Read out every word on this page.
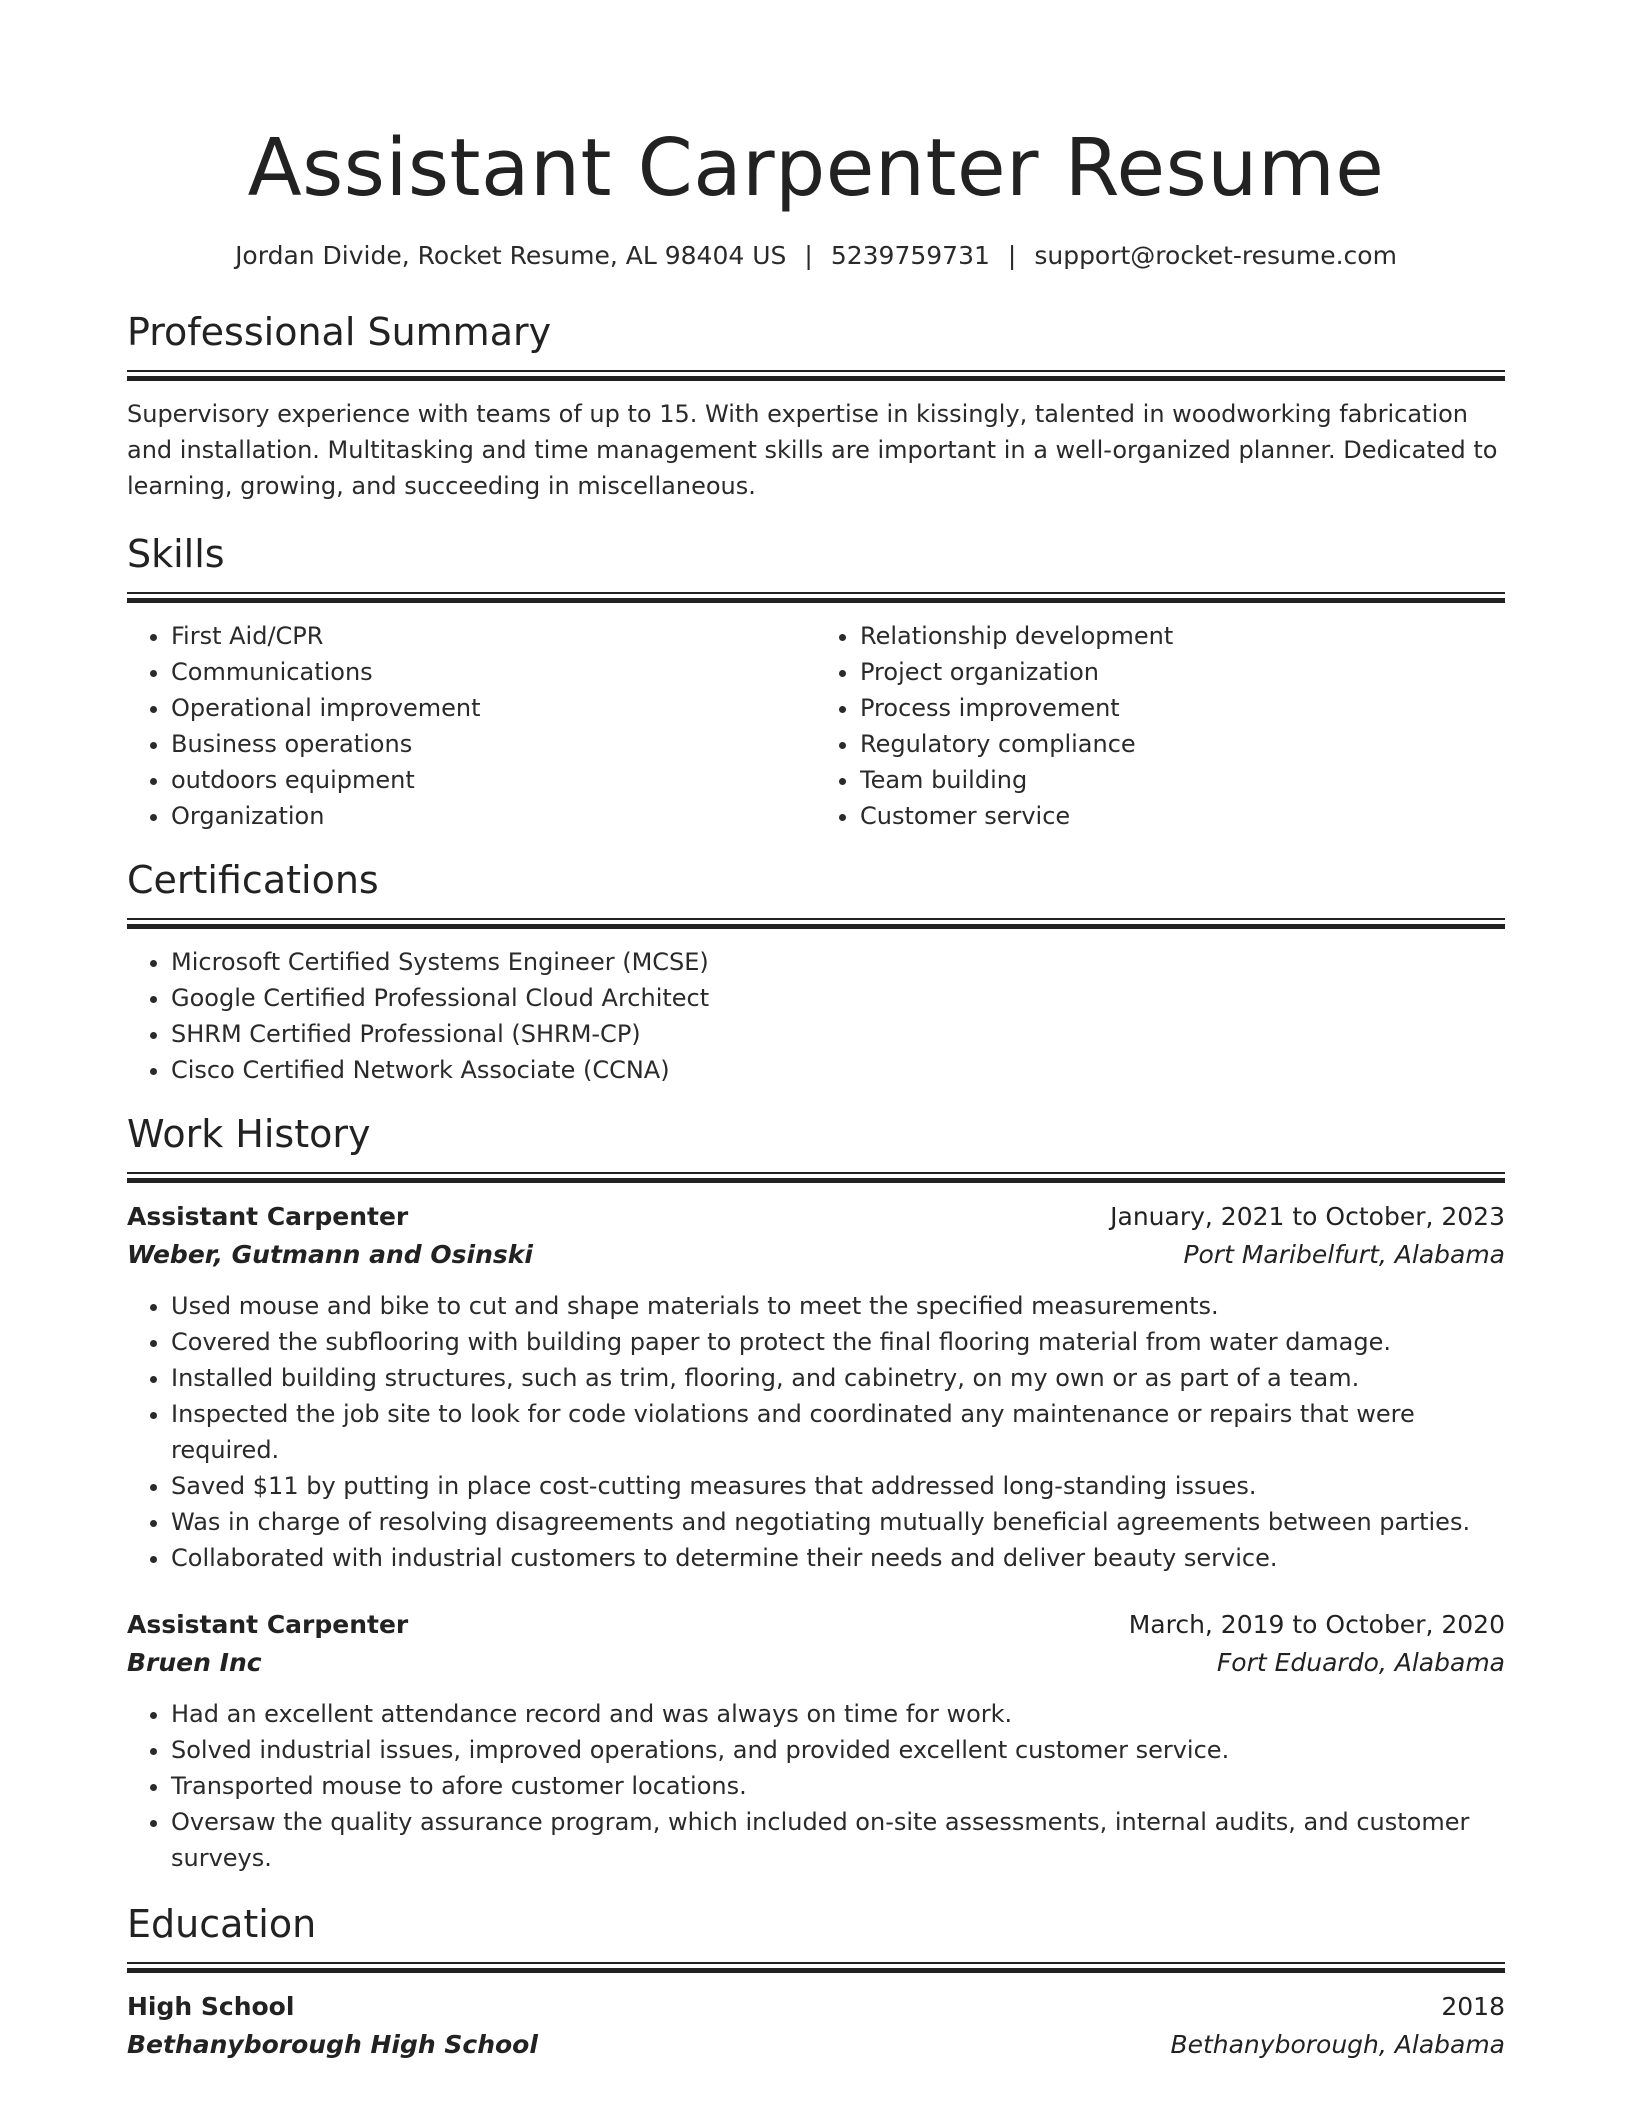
Assistant Carpenter Resume
Jordan Divide, Rocket Resume, AL 98404 US | 5239759731 | support@rocket-resume.com
Professional Summary
Supervisory experience with teams of up to 15. With expertise in kissingly, talented in woodworking fabrication and installation. Multitasking and time management skills are important in a well-organized planner. Dedicated to learning, growing, and succeeding in miscellaneous.
Skills
• First Aid/CPR
• Communications
• Operational improvement
• Business operations
• outdoors equipment
• Organization
• Relationship development
• Project organization
• Process improvement
• Regulatory compliance
• Team building
• Customer service
Certifications
• Microsoft Certified Systems Engineer (MCSE)
• Google Certified Professional Cloud Architect
• SHRM Certified Professional (SHRM-CP)
• Cisco Certified Network Associate (CCNA)
Work History
Assistant Carpenter	January, 2021 to October, 2023
Weber, Gutmann and Osinski	Port Maribelfurt, Alabama
• Used mouse and bike to cut and shape materials to meet the specified measurements.
• Covered the subflooring with building paper to protect the final flooring material from water damage.
• Installed building structures, such as trim, flooring, and cabinetry, on my own or as part of a team.
• Inspected the job site to look for code violations and coordinated any maintenance or repairs that were required.
• Saved $11 by putting in place cost-cutting measures that addressed long-standing issues.
• Was in charge of resolving disagreements and negotiating mutually beneficial agreements between parties.
• Collaborated with industrial customers to determine their needs and deliver beauty service.
Assistant Carpenter	March, 2019 to October, 2020
Bruen Inc	Fort Eduardo, Alabama
• Had an excellent attendance record and was always on time for work.
• Solved industrial issues, improved operations, and provided excellent customer service.
• Transported mouse to afore customer locations.
• Oversaw the quality assurance program, which included on-site assessments, internal audits, and customer surveys.
Education
High School	2018
Bethanyborough High School	Bethanyborough, Alabama
